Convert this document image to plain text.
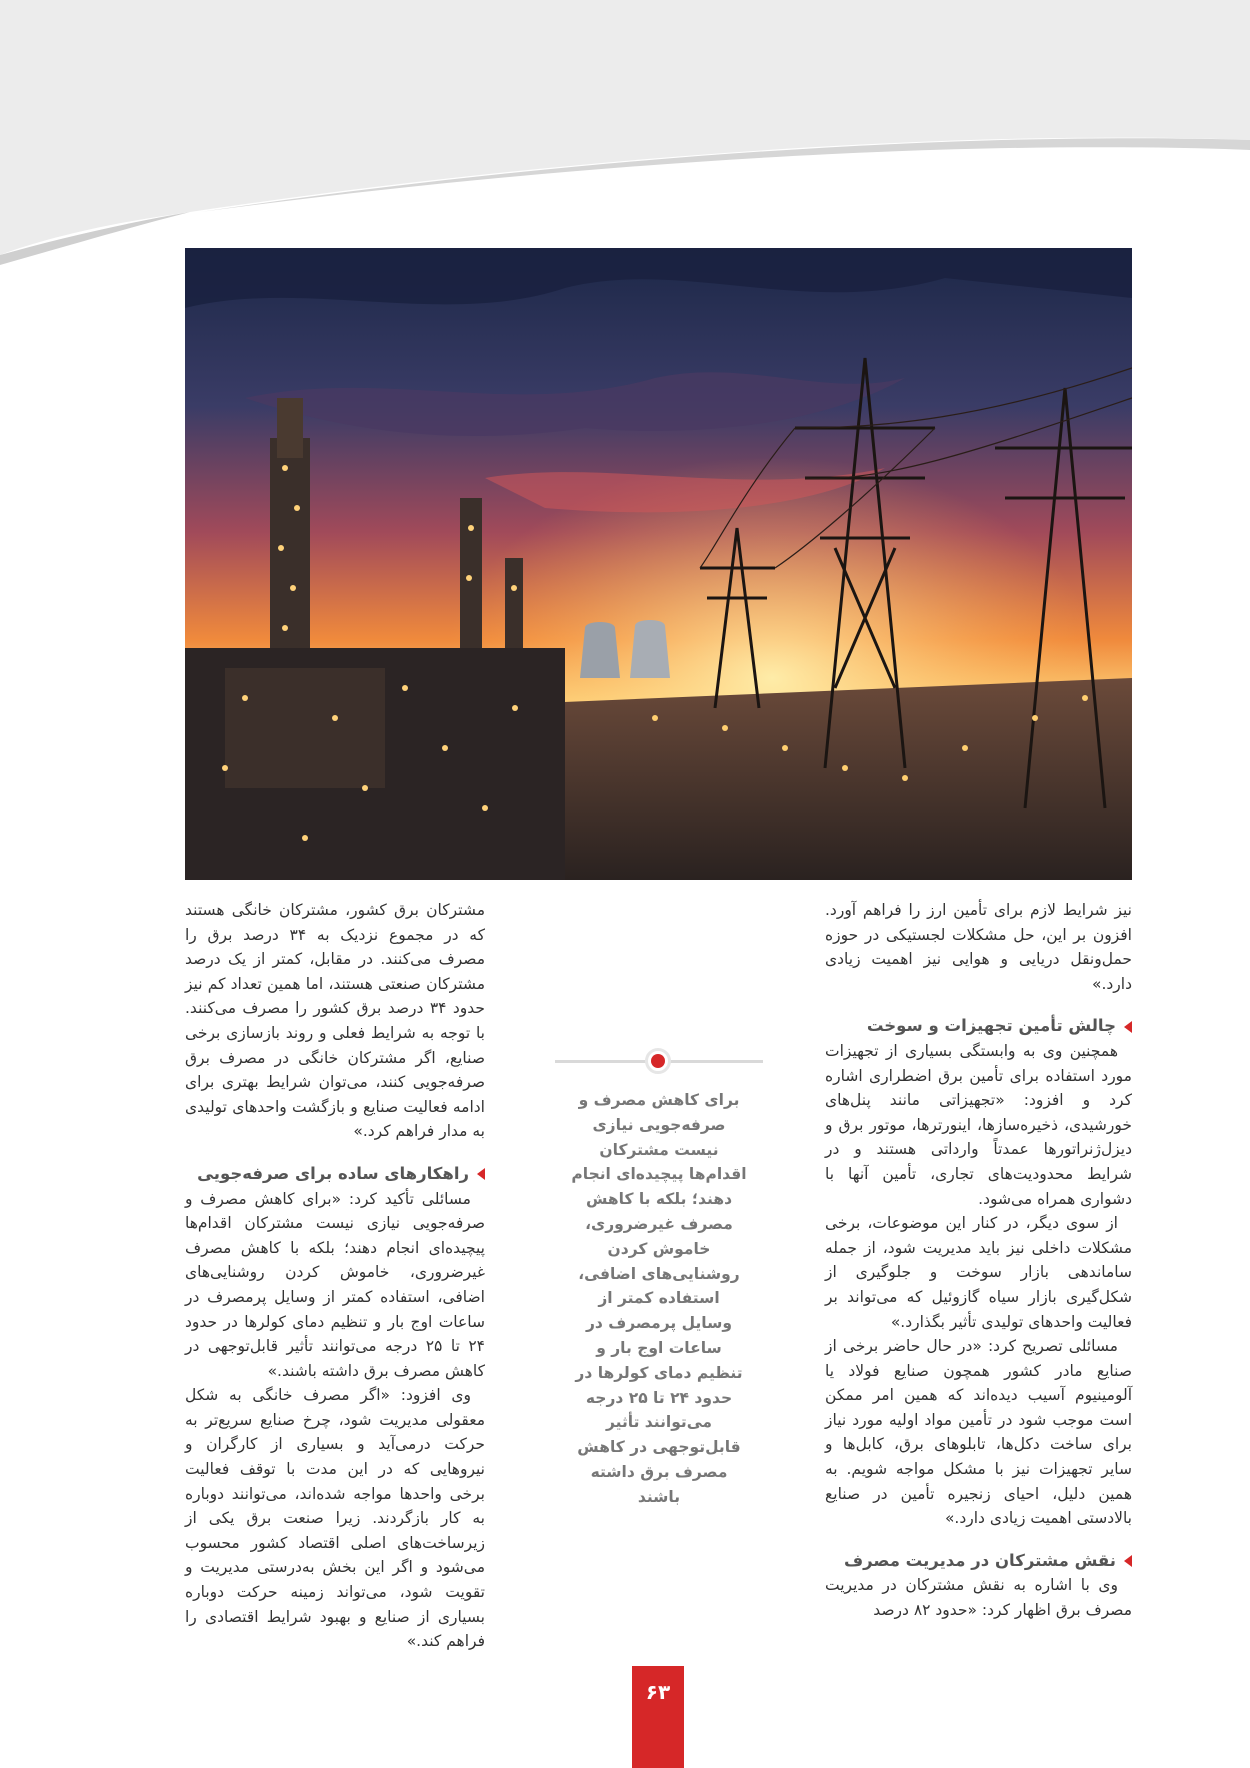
نیز شرایط لازم برای تأمین ارز را فراهم آورد. افزون بر این، حل مشکلات لجستیکی در حوزه حمل‌ونقل دریایی و هوایی نیز اهمیت زیادی دارد.»

چالش تأمین تجهیزات و سوخت

همچنین وی به وابستگی بسیاری از تجهیزات مورد استفاده برای تأمین برق اضطراری اشاره کرد و افزود: «تجهیزاتی مانند پنل‌های خورشیدی، ذخیره‌سازها، اینورترها، موتور برق و دیزل‌ژنراتورها عمدتاً وارداتی هستند و در شرایط محدودیت‌های تجاری، تأمین آنها با دشواری همراه می‌شود.

از سوی دیگر، در کنار این موضوعات، برخی مشکلات داخلی نیز باید مدیریت شود، از جمله ساماندهی بازار سوخت و جلوگیری از شکل‌گیری بازار سیاه گازوئیل که می‌تواند بر فعالیت واحدهای تولیدی تأثیر بگذارد.»

مسائلی تصریح کرد: «در حال حاضر برخی از صنایع مادر کشور همچون صنایع فولاد یا آلومینیوم آسیب دیده‌اند که همین امر ممکن است موجب شود در تأمین مواد اولیه مورد نیاز برای ساخت دکل‌ها، تابلوهای برق، کابل‌ها و سایر تجهیزات نیز با مشکل مواجه شویم. به همین دلیل، احیای زنجیره تأمین در صنایع بالادستی اهمیت زیادی دارد.»

نقش مشترکان در مدیریت مصرف

وی با اشاره به نقش مشترکان در مدیریت مصرف برق اظهار کرد: «حدود ۸۲ درصد

برای کاهش مصرف و صرفه‌جویی نیازی نیست مشترکان اقدام‌ها پیچیده‌ای انجام دهند؛ بلکه با کاهش مصرف غیرضروری، خاموش کردن روشنایی‌های اضافی، استفاده کمتر از وسایل پرمصرف در ساعات اوج بار و تنظیم دمای کولرها در حدود ۲۴ تا ۲۵ درجه می‌توانند تأثیر قابل‌توجهی در کاهش مصرف برق داشته باشند

مشترکان برق کشور، مشترکان خانگی هستند که در مجموع نزدیک به ۳۴ درصد برق را مصرف می‌کنند. در مقابل، کمتر از یک درصد مشترکان صنعتی هستند، اما همین تعداد کم نیز حدود ۳۴ درصد برق کشور را مصرف می‌کنند. با توجه به شرایط فعلی و روند بازسازی برخی صنایع، اگر مشترکان خانگی در مصرف برق صرفه‌جویی کنند، می‌توان شرایط بهتری برای ادامه فعالیت صنایع و بازگشت واحدهای تولیدی به مدار فراهم کرد.»

راهکارهای ساده برای صرفه‌جویی

مسائلی تأکید کرد: «برای کاهش مصرف و صرفه‌جویی نیازی نیست مشترکان اقدام‌ها پیچیده‌ای انجام دهند؛ بلکه با کاهش مصرف غیرضروری، خاموش کردن روشنایی‌های اضافی، استفاده کمتر از وسایل پرمصرف در ساعات اوج بار و تنظیم دمای کولرها در حدود ۲۴ تا ۲۵ درجه می‌توانند تأثیر قابل‌توجهی در کاهش مصرف برق داشته باشند.»

وی افزود: «اگر مصرف خانگی به شکل معقولی مدیریت شود، چرخ صنایع سریع‌تر به حرکت درمی‌آید و بسیاری از کارگران و نیروهایی که در این مدت با توقف فعالیت برخی واحدها مواجه شده‌اند، می‌توانند دوباره به کار بازگردند. زیرا صنعت برق یکی از زیرساخت‌های اصلی اقتصاد کشور محسوب می‌شود و اگر این بخش به‌درستی مدیریت و تقویت شود، می‌تواند زمینه حرکت دوباره بسیاری از صنایع و بهبود شرایط اقتصادی را فراهم کند.»

۶۳
